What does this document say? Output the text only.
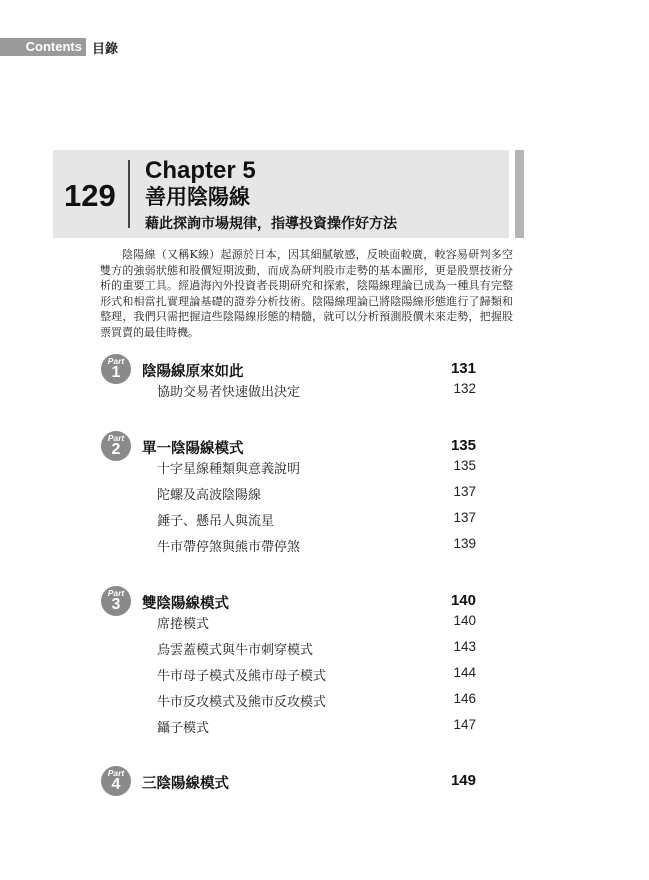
Contents 目錄
129
Chapter 5
善用陰陽線
藉此探詢市場規律，指導投資操作好方法

陰陽線（又稱K線）起源於日本，因其細膩敏感，反映面較廣，較容易研判多空雙方的強弱狀態和股價短期波動，而成為研判股市走勢的基本圖形，更是股票技術分析的重要工具。經過海內外投資者長期研究和探索，陰陽線理論已成為一種具有完整形式和相當扎實理論基礎的證券分析技術。陰陽線理論已將陰陽線形態進行了歸類和整理，我們只需把握這些陰陽線形態的精髓，就可以分析預測股價未來走勢，把握股票買賣的最佳時機。

Part
1	陰陽線原來如此	131
協助交易者快速做出決定	132
Part
2	單一陰陽線模式	135
十字星線種類與意義說明	135
陀螺及高波陰陽線	137
錘子、懸吊人與流星	137
牛市帶停煞與熊市帶停煞	139
Part
3	雙陰陽線模式	140
席捲模式	140
烏雲蓋模式與牛市刺穿模式	143
牛市母子模式及熊市母子模式	144
牛市反攻模式及熊市反攻模式	146
鑷子模式	147
Part
4	三陰陽線模式	149
